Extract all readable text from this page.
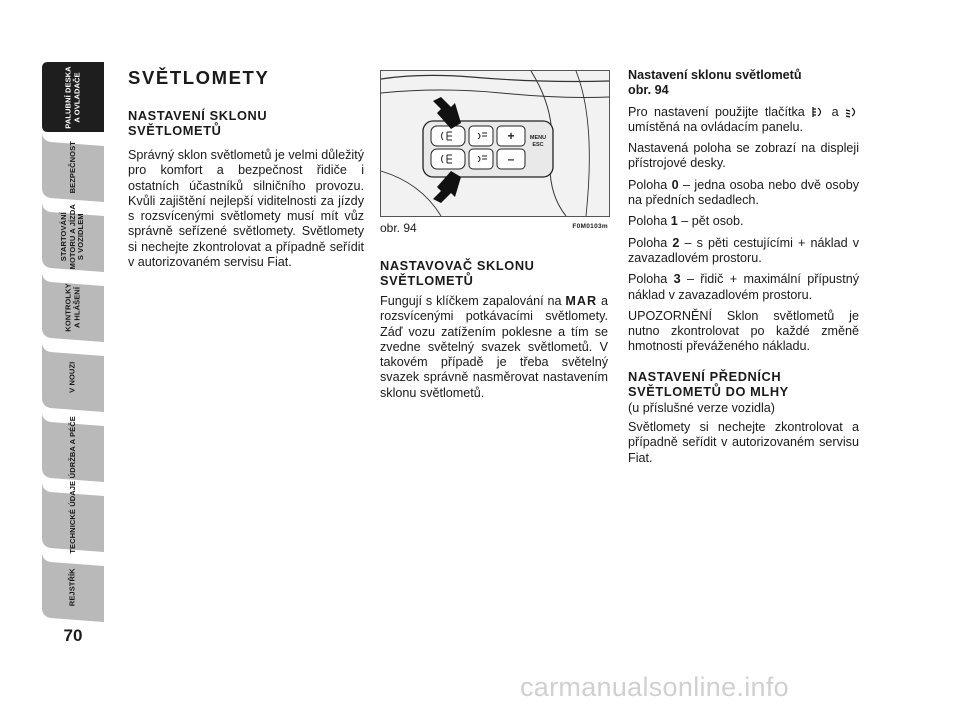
PALUBNÍ DESKA
A OVLADAČE
BEZPEČNOST
STARTOVÁNÍ
MOTORU A JÍZDA
S VOZIDLEM
KONTROLKY
A HLÁŠENÍ
V NOUZI
ÚDRŽBA A PÉČE
TECHNICKÉ ÚDAJE
REJSTŘÍK
70
SVĚTLOMETY
NASTAVENÍ SKLONU SVĚTLOMETŮ

Správný sklon světlometů je velmi důležitý pro komfort a bezpečnost řidiče i ostatních účastníků silničního provozu. Kvůli zajištění nejlepší viditelnosti za jízdy s rozsvícenými světlomety musí mít vůz správně seřízené světlomety. Světlomety si nechejte zkontrolovat a případně seřídit v autorizovaném servisu Fiat.

+
–
MENU
ESC
obr. 94	F0M0103m
NASTAVOVAČ SKLONU SVĚTLOMETŮ

Fungují s klíčkem zapalování na MAR a rozsvícenými potkávacími světlomety. Záď vozu zatížením poklesne a tím se zvedne světelný svazek světlometů. V takovém případě je třeba světelný svazek správně nasměrovat nastavením sklonu světlometů.

Nastavení sklonu světlometů
obr. 94

Pro nastavení použijte tlačítka  a  umístěná na ovládacím panelu.

Nastavená poloha se zobrazí na displeji přístrojové desky.

Poloha 0 – jedna osoba nebo dvě osoby na předních sedadlech.

Poloha 1 – pět osob.

Poloha 2 – s pěti cestujícími + náklad v zavazadlovém prostoru.

Poloha 3 – řidič + maximální přípustný náklad v zavazadlovém prostoru.

UPOZORNĚNÍ Sklon světlometů je nutno zkontrolovat po každé změně hmotnosti převáženého nákladu.

NASTAVENÍ PŘEDNÍCH SVĚTLOMETŮ DO MLHY

(u příslušné verze vozidla)

Světlomety si nechejte zkontrolovat a případně seřídit v autorizovaném servisu Fiat.

carmanualsonline.info
